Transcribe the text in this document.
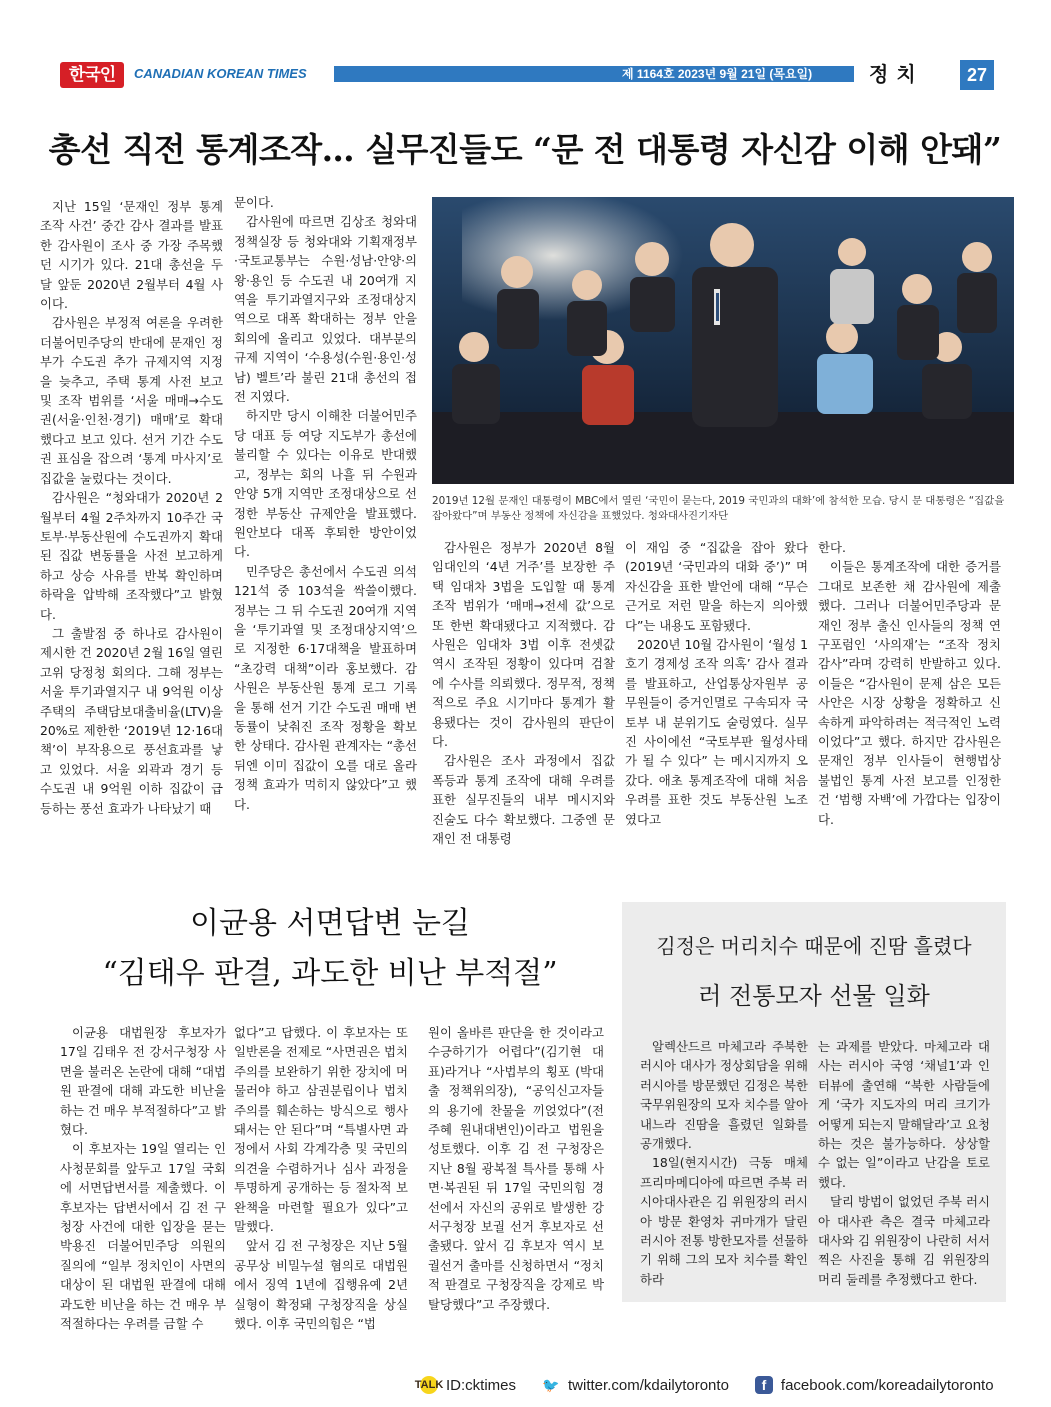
한국인	CANADIAN KOREAN TIMES	제 1164호 2023년 9월 21일 (목요일)	정치	27
총선 직전 통계조작… 실무진들도 “문 전 대통령 자신감 이해 안돼”

지난 15일 ‘문재인 정부 통계 조작 사건’ 중간 감사 결과를 발표한 감사원이 조사 중 가장 주목했던 시기가 있다. 21대 총선을 두 달 앞둔 2020년 2월부터 4월 사이다.

감사원은 부정적 여론을 우려한 더불어민주당의 반대에 문재인 정부가 수도권 추가 규제지역 지정을 늦추고, 주택 통계 사전 보고 및 조작 범위를 ‘서울 매매→수도권(서울·인천·경기) 매매’로 확대했다고 보고 있다. 선거 기간 수도권 표심을 잡으려 ‘통계 마사지’로 집값을 눌렀다는 것이다.

감사원은 “청와대가 2020년 2월부터 4월 2주차까지 10주간 국토부·부동산원에 수도권까지 확대된 집값 변동률을 사전 보고하게 하고 상승 사유를 반복 확인하며 하락을 압박해 조작했다”고 밝혔다.

그 출발점 중 하나로 감사원이 제시한 건 2020년 2월 16일 열린 고위 당정청 회의다. 그해 정부는 서울 투기과열지구 내 9억원 이상 주택의 주택담보대출비율(LTV)을 20%로 제한한 ‘2019년 12·16대책’이 부작용으로 풍선효과를 낳고 있었다. 서울 외곽과 경기 등 수도권 내 9억원 이하 집값이 급등하는 풍선 효과가 나타났기 때

문이다.

감사원에 따르면 김상조 청와대 정책실장 등 청와대와 기획재정부·국토교통부는 수원·성남·안양·의왕·용인 등 수도권 내 20여개 지역을 투기과열지구와 조정대상지역으로 대폭 확대하는 정부 안을 회의에 올리고 있었다. 대부분의 규제 지역이 ‘수용성(수원·용인·성남) 벨트’라 불린 21대 총선의 접전 지였다.

하지만 당시 이해찬 더불어민주당 대표 등 여당 지도부가 총선에 불리할 수 있다는 이유로 반대했고, 정부는 회의 나흘 뒤 수원과 안양 5개 지역만 조정대상으로 선정한 부동산 규제안을 발표했다. 원안보다 대폭 후퇴한 방안이었다.

민주당은 총선에서 수도권 의석 121석 중 103석을 싹쓸이했다. 정부는 그 뒤 수도권 20여개 지역을 ‘투기과열 및 조정대상지역’으로 지정한 6·17대책을 발표하며 “초강력 대책”이라 홍보했다. 감사원은 부동산원 통계 로그 기록을 통해 선거 기간 수도권 매매 변동률이 낮춰진 조작 정황을 확보한 상태다. 감사원 관계자는 “총선 뒤엔 이미 집값이 오를 대로 올라 정책 효과가 먹히지 않았다”고 했다.

2019년 12월 문재인 대통령이 MBC에서 열린 ‘국민이 묻는다, 2019 국민과의 대화’에 참석한 모습. 당시 문 대통령은 “집값을 잡아왔다”며 부동산 정책에 자신감을 표했었다. 청와대사진기자단

감사원은 정부가 2020년 8월 임대인의 ‘4년 거주’를 보장한 주택 임대차 3법을 도입할 때 통계 조작 범위가 ‘매매→전세 값’으로 또 한번 확대됐다고 지적했다. 감사원은 임대차 3법 이후 전셋값 역시 조작된 정황이 있다며 검찰에 수사를 의뢰했다. 정무적, 정책적으로 주요 시기마다 통계가 활용됐다는 것이 감사원의 판단이다.

감사원은 조사 과정에서 집값 폭등과 통계 조작에 대해 우려를 표한 실무진들의 내부 메시지와 진술도 다수 확보했다. 그중엔 문재인 전 대통령

이 재임 중 “집값을 잡아 왔다 (2019년 ‘국민과의 대화 중’)” 며 자신감을 표한 발언에 대해 “무슨 근거로 저런 말을 하는지 의아했다”는 내용도 포함됐다.

2020년 10월 감사원이 ‘월성 1호기 경제성 조작 의혹’ 감사 결과를 발표하고, 산업통상자원부 공무원들이 증거인멸로 구속되자 국토부 내 분위기도 술렁였다. 실무진 사이에선 “국토부판 월성사태가 될 수 있다” 는 메시지까지 오갔다. 애초 통계조작에 대해 처음 우려를 표한 것도 부동산원 노조였다고

한다.

이들은 통계조작에 대한 증거를 그대로 보존한 채 감사원에 제출했다. 그러나 더불어민주당과 문재인 정부 출신 인사들의 정책 연구포럼인 ‘사의재’는 “조작 정치 감사”라며 강력히 반발하고 있다. 이들은 “감사원이 문제 삼은 모든 사안은 시장 상황을 정확하고 신속하게 파악하려는 적극적인 노력이었다”고 했다. 하지만 감사원은 문재인 정부 인사들이 현행법상 불법인 통계 사전 보고를 인정한 건 ‘범행 자백’에 가깝다는 입장이다.

이균용 서면답변 눈길
“김태우 판결, 과도한 비난 부적절”

이균용 대법원장 후보자가 17일 김태우 전 강서구청장 사면을 불러온 논란에 대해 “대법원 판결에 대해 과도한 비난을 하는 건 매우 부적절하다”고 밝혔다.

이 후보자는 19일 열리는 인사청문회를 앞두고 17일 국회에 서면답변서를 제출했다. 이 후보자는 답변서에서 김 전 구청장 사건에 대한 입장을 묻는 박용진 더불어민주당 의원의 질의에 “일부 정치인이 사면의 대상이 된 대법원 판결에 대해 과도한 비난을 하는 건 매우 부적절하다는 우려를 금할 수

없다”고 답했다. 이 후보자는 또 일반론을 전제로 “사면권은 법치주의를 보완하기 위한 장치에 머물러야 하고 삼권분립이나 법치주의를 훼손하는 방식으로 행사돼서는 안 된다”며 “특별사면 과정에서 사회 각계각층 및 국민의 의견을 수렴하거나 심사 과정을 투명하게 공개하는 등 절차적 보완책을 마련할 필요가 있다”고 말했다.

앞서 김 전 구청장은 지난 5월 공무상 비밀누설 혐의로 대법원에서 징역 1년에 집행유예 2년 실형이 확정돼 구청장직을 상실했다. 이후 국민의힘은 “법

원이 올바른 판단을 한 것이라고 수긍하기가 어렵다”(김기현 대표)라거나 “사법부의 횡포 (박대출 정책위의장), “공익신고자들의 용기에 찬물을 끼얹었다”(전주혜 원내대변인)이라고 법원을 성토했다. 이후 김 전 구청장은 지난 8월 광복절 특사를 통해 사면·복권된 뒤 17일 국민의힘 경선에서 자신의 공위로 발생한 강서구청장 보궐 선거 후보자로 선출됐다. 앞서 김 후보자 역시 보궐선거 출마를 신청하면서 “정치적 판결로 구청장직을 강제로 박탈당했다”고 주장했다.

김정은 머리치수 때문에 진땀 흘렸다
러 전통모자 선물 일화

알렉산드르 마체고라 주북한 러시아 대사가 정상회담을 위해 러시아를 방문했던 김정은 북한 국무위원장의 모자 치수를 알아내느라 진땀을 흘렸던 일화를 공개했다.

18일(현지시간) 극동 매체 프리마메디아에 따르면 주북 러시아대사관은 김 위원장의 러시아 방문 환영차 귀마개가 달린 러시아 전통 방한모자를 선물하기 위해 그의 모자 치수를 확인하라

는 과제를 받았다. 마체고라 대사는 러시아 국영 ‘채널1’과 인터뷰에 출연해 “북한 사람들에게 ‘국가 지도자의 머리 크기가 어떻게 되는지 말해달라’고 요청하는 것은 불가능하다. 상상할 수 없는 일”이라고 난감을 토로했다.

달리 방법이 없었던 주북 러시아 대사관 측은 결국 마체고라 대사와 김 위원장이 나란히 서서 찍은 사진을 통해 김 위원장의 머리 둘레를 추정했다고 한다.

TALK ID:cktimes 🐦 twitter.com/kdailytoronto	f facebook.com/koreadailytoronto
